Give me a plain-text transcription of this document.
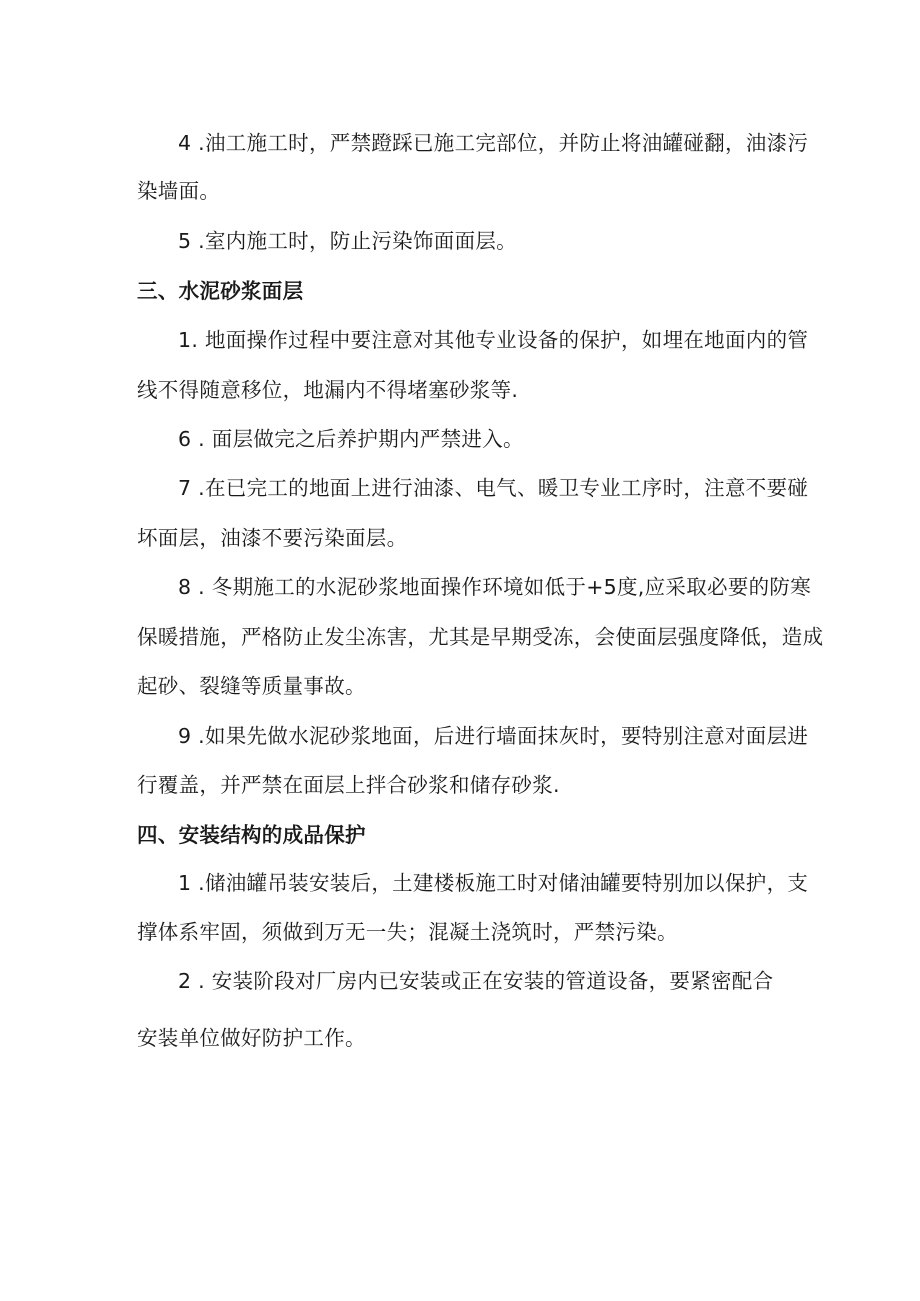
4 .油工施工时，严禁蹬踩已施工完部位，并防止将油罐碰翻，油漆污
染墙面。
5 .室内施工时，防止污染饰面面层。
三、水泥砂浆面层
1. 地面操作过程中要注意对其他专业设备的保护，如埋在地面内的管
线不得随意移位，地漏内不得堵塞砂浆等.
6 . 面层做完之后养护期内严禁进入。
7 .在已完工的地面上进行油漆、电气、暖卫专业工序时，注意不要碰
坏面层，油漆不要污染面层。
8 . 冬期施工的水泥砂浆地面操作环境如低于+5度,应采取必要的防寒
保暖措施，严格防止发尘冻害，尤其是早期受冻，会使面层强度降低，造成
起砂、裂缝等质量事故。
9 .如果先做水泥砂浆地面，后进行墙面抹灰时，要特别注意对面层进
行覆盖，并严禁在面层上拌合砂浆和储存砂浆.
四、安装结构的成品保护
1 .储油罐吊装安装后，土建楼板施工时对储油罐要特别加以保护，支
撑体系牢固，须做到万无一失；混凝土浇筑时，严禁污染。
2 . 安装阶段对厂房内已安装或正在安装的管道设备，要紧密配合
安装单位做好防护工作。
